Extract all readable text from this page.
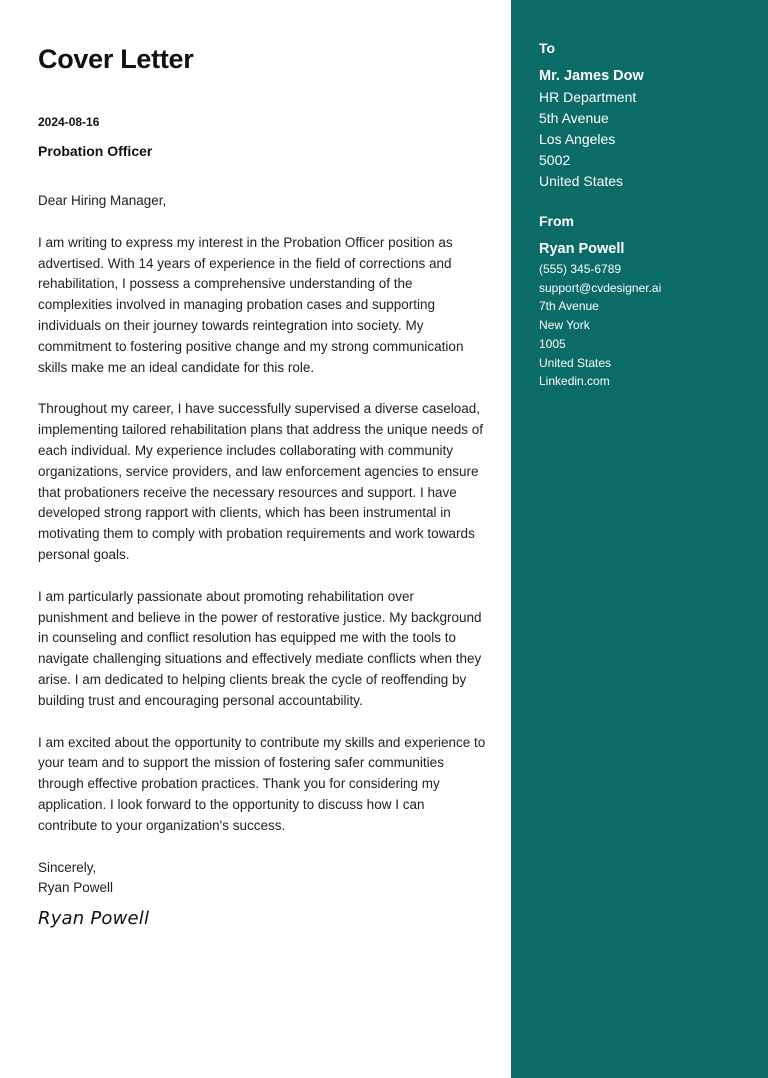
Cover Letter
2024-08-16
Probation Officer

Dear Hiring Manager,

I am writing to express my interest in the Probation Officer position as advertised. With 14 years of experience in the field of corrections and rehabilitation, I possess a comprehensive understanding of the complexities involved in managing probation cases and supporting individuals on their journey towards reintegration into society. My commitment to fostering positive change and my strong communication skills make me an ideal candidate for this role.

Throughout my career, I have successfully supervised a diverse caseload, implementing tailored rehabilitation plans that address the unique needs of each individual. My experience includes collaborating with community organizations, service providers, and law enforcement agencies to ensure that probationers receive the necessary resources and support. I have developed strong rapport with clients, which has been instrumental in motivating them to comply with probation requirements and work towards personal goals.

I am particularly passionate about promoting rehabilitation over punishment and believe in the power of restorative justice. My background in counseling and conflict resolution has equipped me with the tools to navigate challenging situations and effectively mediate conflicts when they arise. I am dedicated to helping clients break the cycle of reoffending by building trust and encouraging personal accountability.

I am excited about the opportunity to contribute my skills and experience to your team and to support the mission of fostering safer communities through effective probation practices. Thank you for considering my application. I look forward to the opportunity to discuss how I can contribute to your organization's success.

Sincerely,
Ryan Powell
Ryan Powell
To
Mr. James Dow
HR Department
5th Avenue
Los Angeles
5002
United States
From
Ryan Powell
(555) 345-6789
support@cvdesigner.ai
7th Avenue
New York
1005
United States
Linkedin.com
